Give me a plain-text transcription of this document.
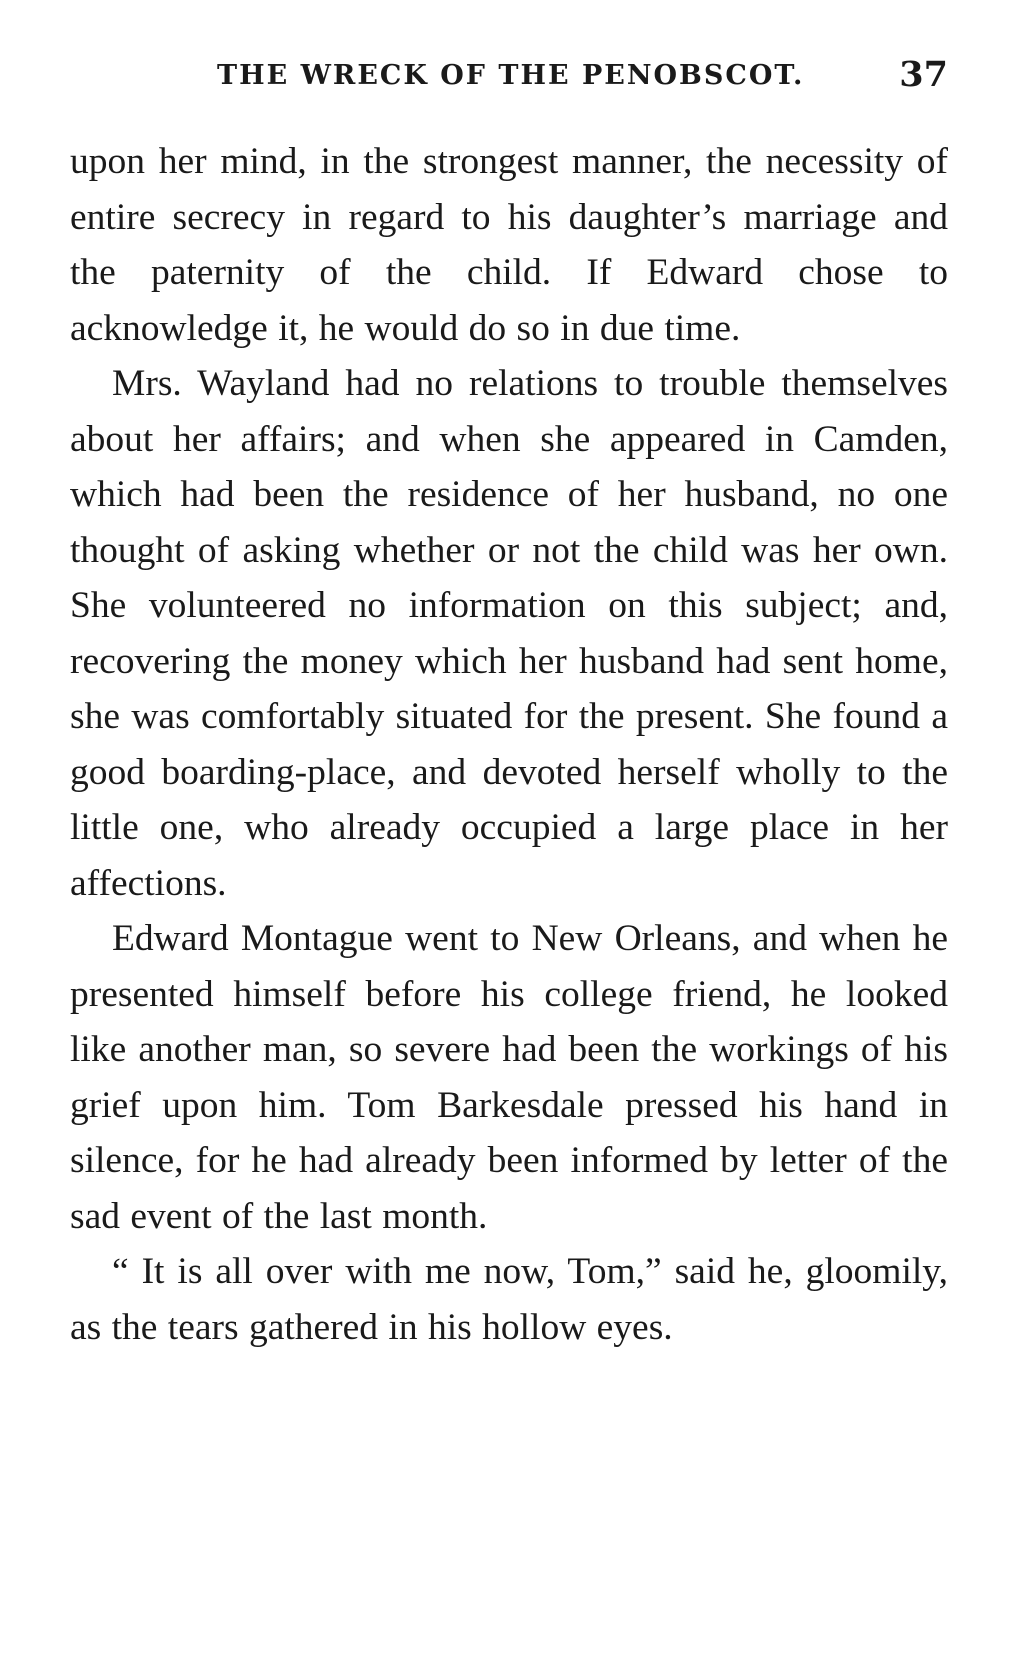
THE WRECK OF THE PENOBSCOT.	37

upon her mind, in the strongest manner, the necessity of entire secrecy in regard to his daughter’s marriage and the paternity of the child. If Edward chose to acknowledge it, he would do so in due time.

Mrs. Wayland had no relations to trouble themselves about her affairs; and when she appeared in Camden, which had been the residence of her husband, no one thought of asking whether or not the child was her own. She volunteered no information on this subject; and, recovering the money which her husband had sent home, she was comfortably situated for the present. She found a good boarding-place, and devoted herself wholly to the little one, who already occupied a large place in her affections.

Edward Montague went to New Orleans, and when he presented himself before his college friend, he looked like another man, so severe had been the workings of his grief upon him. Tom Barkesdale pressed his hand in silence, for he had already been informed by letter of the sad event of the last month.

“ It is all over with me now, Tom,” said he, gloomily, as the tears gathered in his hollow eyes.
